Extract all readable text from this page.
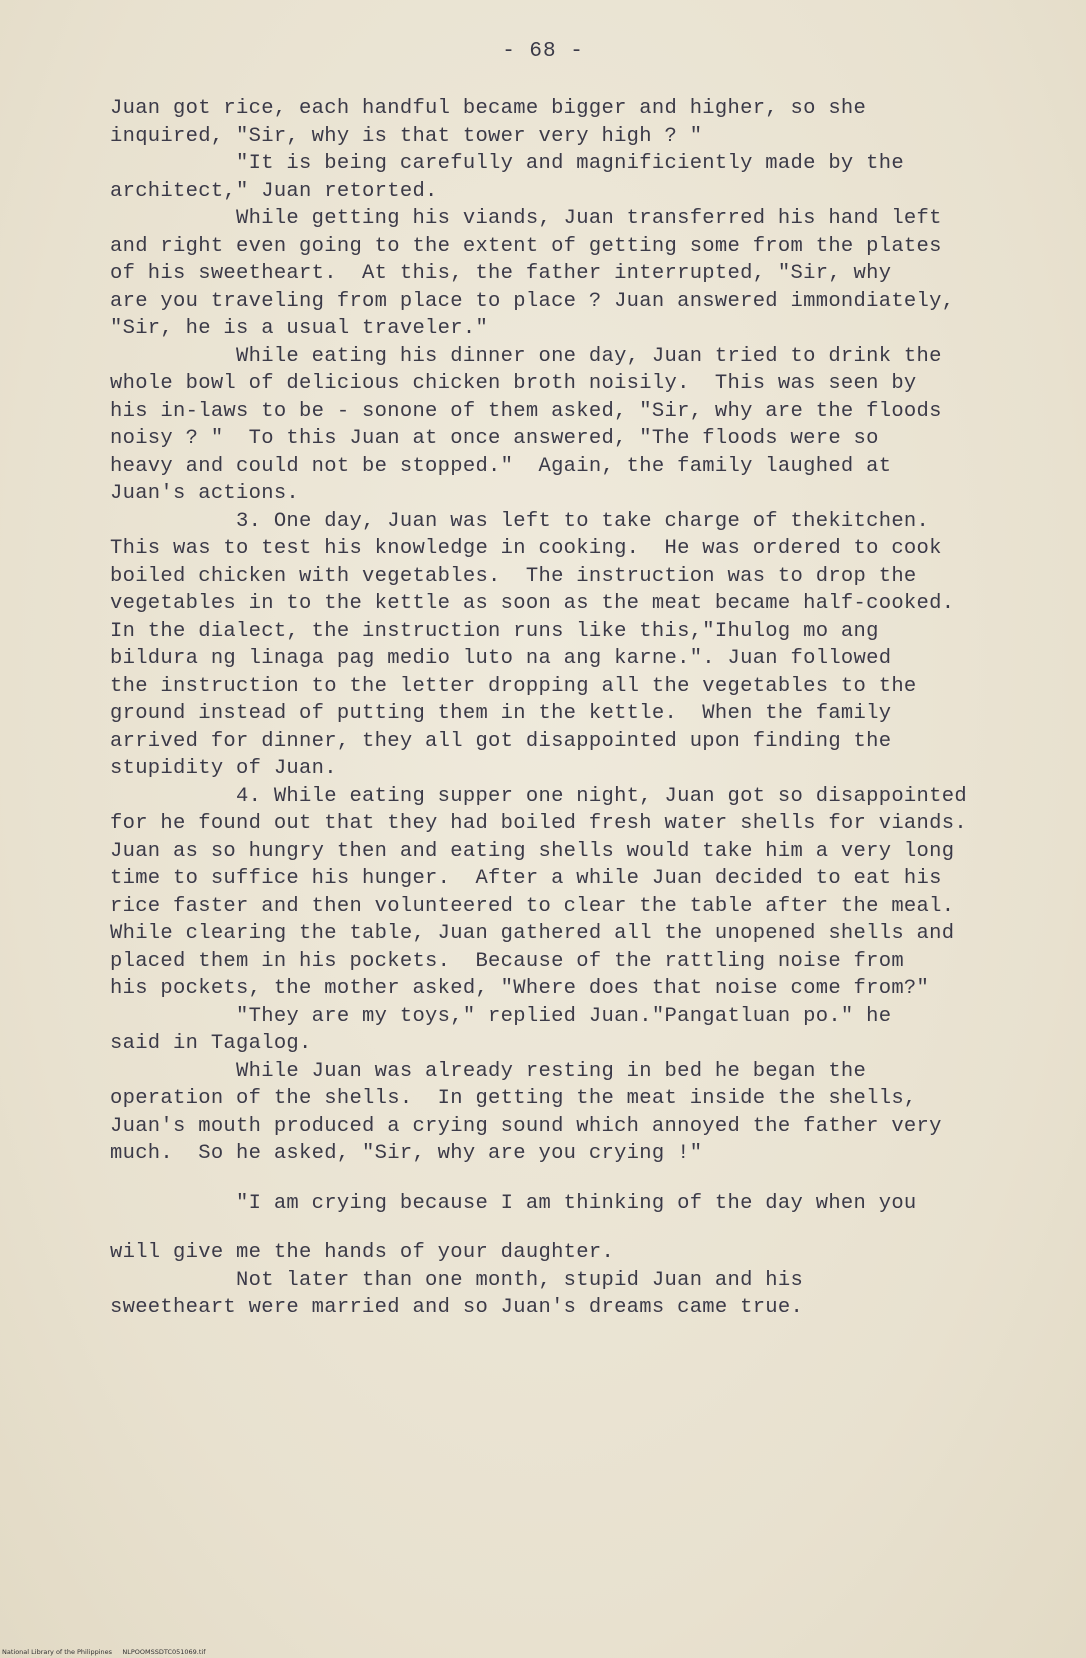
- 68 -
Juan got rice, each handful became bigger and higher, so she
inquired, "Sir, why is that tower very high ? "
"It is being carefully and magnificiently made by the
architect," Juan retorted.
While getting his viands, Juan transferred his hand left
and right even going to the extent of getting some from the plates
of his sweetheart.  At this, the father interrupted, "Sir, why
are you traveling from place to place ? Juan answered immondiately,
"Sir, he is a usual traveler."
While eating his dinner one day, Juan tried to drink the
whole bowl of delicious chicken broth noisily.  This was seen by
his in-laws to be - sonone of them asked, "Sir, why are the floods
noisy ? "  To this Juan at once answered, "The floods were so
heavy and could not be stopped."  Again, the family laughed at
Juan's actions.
3. One day, Juan was left to take charge of thekitchen.
This was to test his knowledge in cooking.  He was ordered to cook
boiled chicken with vegetables.  The instruction was to drop the
vegetables in to the kettle as soon as the meat became half-cooked.
In the dialect, the instruction runs like this,"Ihulog mo ang
bildura ng linaga pag medio luto na ang karne.". Juan followed
the instruction to the letter dropping all the vegetables to the
ground instead of putting them in the kettle.  When the family
arrived for dinner, they all got disappointed upon finding the
stupidity of Juan.
4. While eating supper one night, Juan got so disappointed
for he found out that they had boiled fresh water shells for viands.
Juan as so hungry then and eating shells would take him a very long
time to suffice his hunger.  After a while Juan decided to eat his
rice faster and then volunteered to clear the table after the meal.
While clearing the table, Juan gathered all the unopened shells and
placed them in his pockets.  Because of the rattling noise from
his pockets, the mother asked, "Where does that noise come from?"
"They are my toys," replied Juan."Pangatluan po." he
said in Tagalog.
While Juan was already resting in bed he began the
operation of the shells.  In getting the meat inside the shells,
Juan's mouth produced a crying sound which annoyed the father very
much.  So he asked, "Sir, why are you crying !"
"I am crying because I am thinking of the day when you
will give me the hands of your daughter.
Not later than one month, stupid Juan and his
sweetheart were married and so Juan's dreams came true.
National Library of the Philippines     NLPOOMSSDTC051069.tif
